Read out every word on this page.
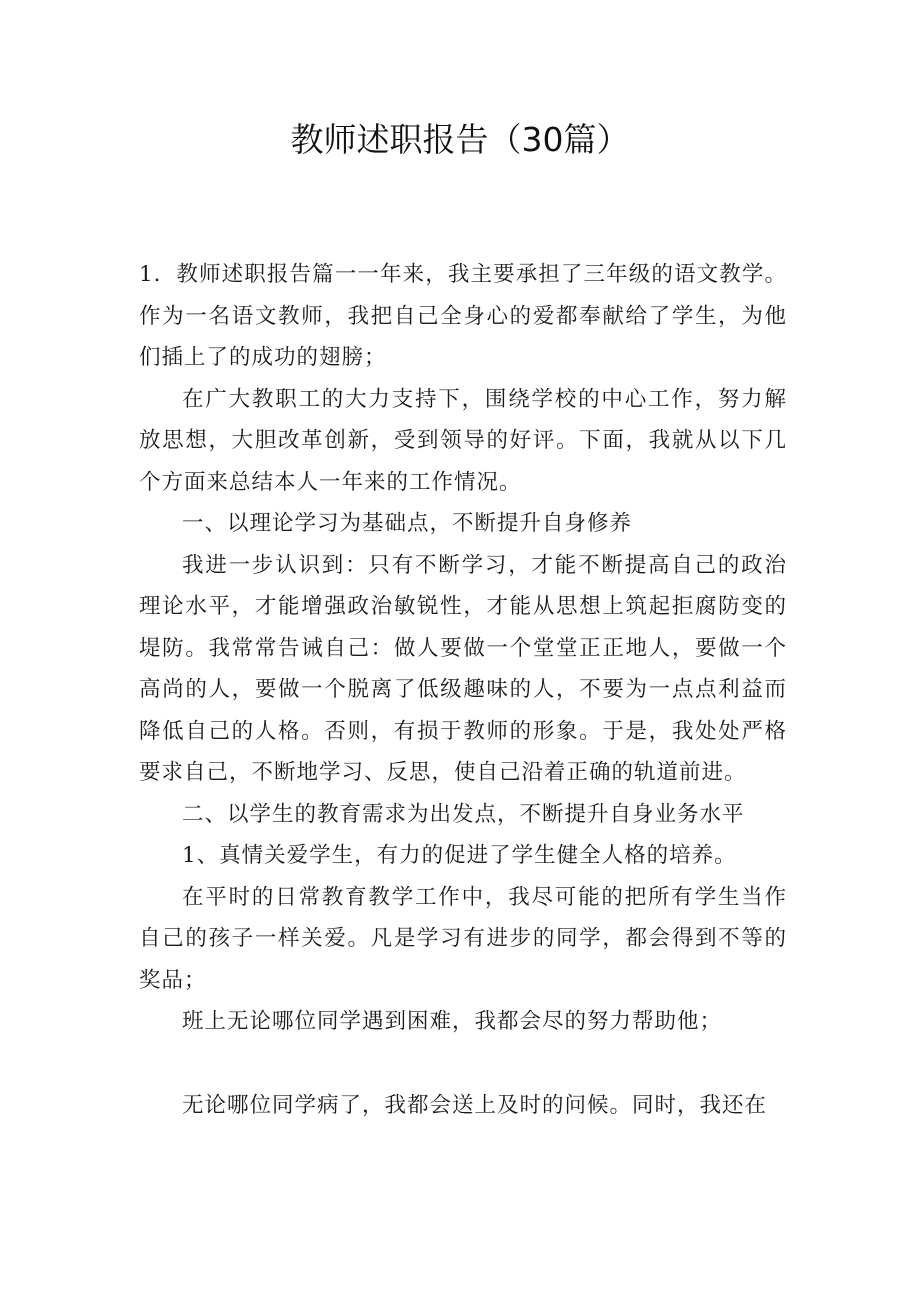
教师述职报告（30篇）

1．教师述职报告篇一一年来，我主要承担了三年级的语文教学。作为一名语文教师，我把自己全身心的爱都奉献给了学生，为他们插上了的成功的翅膀；

在广大教职工的大力支持下，围绕学校的中心工作，努力解放思想，大胆改革创新，受到领导的好评。下面，我就从以下几个方面来总结本人一年来的工作情况。

一、以理论学习为基础点，不断提升自身修养

我进一步认识到：只有不断学习，才能不断提高自己的政治理论水平，才能增强政治敏锐性，才能从思想上筑起拒腐防变的堤防。我常常告诫自己：做人要做一个堂堂正正地人，要做一个高尚的人，要做一个脱离了低级趣味的人，不要为一点点利益而降低自己的人格。否则，有损于教师的形象。于是，我处处严格要求自己，不断地学习、反思，使自己沿着正确的轨道前进。

二、以学生的教育需求为出发点，不断提升自身业务水平

1、真情关爱学生，有力的促进了学生健全人格的培养。

在平时的日常教育教学工作中，我尽可能的把所有学生当作自己的孩子一样关爱。凡是学习有进步的同学，都会得到不等的奖品；

班上无论哪位同学遇到困难，我都会尽的努力帮助他；

无论哪位同学病了，我都会送上及时的问候。同时，我还在
